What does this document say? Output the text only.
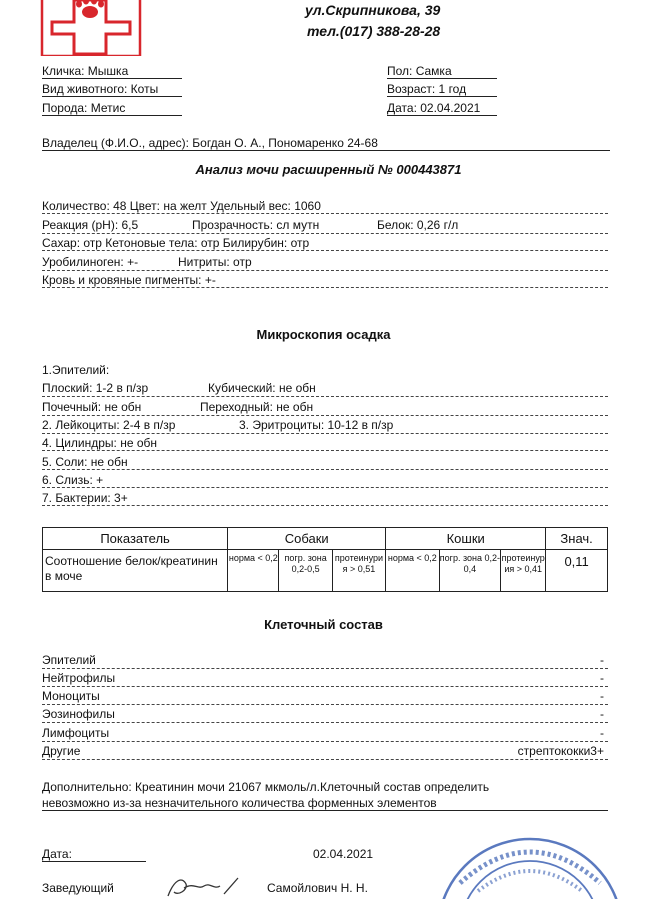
ул.Скрипникова, 39
тел.(017) 388-28-28
Кличка: Мышка
Вид животного: Коты
Порода: Метис
Пол: Самка
Возраст: 1 год
Дата: 02.04.2021
Владелец (Ф.И.О., адрес): Богдан О. А., Пономаренко 24-68
Анализ мочи расширенный № 000443871
Количество: 48 Цвет: на желт Удельный вес: 1060
Реакция (рН): 6,5	Прозрачность: сл мутн	Белок: 0,26 г/л
Сахар: отр Кетоновые тела: отр Билирубин: отр
Уробилиноген: +-	Нитриты: отр
Кровь и кровяные пигменты: +-
Микроскопия осадка
1.Эпителий:
Плоский: 1-2 в п/зр	Кубический: не обн
Почечный: не обн	Переходный: не обн
2. Лейкоциты: 2-4 в п/зр	3. Эритроциты: 10-12 в п/зр
4. Цилиндры: не обн
5. Соли: не обн
6. Слизь: +
7. Бактерии: 3+
Показатель	Собаки			Кошки			Знач.
Соотношение белок/креатинин в моче	норма < 0,2	погр. зона 0,2-0,5	протеинурия > 0,51	норма < 0,2	погр. зона 0,2-0,4	протеинурия > 0,41	0,11
Клеточный состав
Эпителий	-
Нейтрофилы	-
Моноциты	-
Эозинофилы	-
Лимфоциты	-
Другие	стрептококки3+
Дополнительно: Креатинин мочи 21067 мкмоль/л.Клеточный состав определить
невозможно из-за незначительного количества форменных элементов
Дата:	02.04.2021
Заведующий	Самойлович Н. Н.
